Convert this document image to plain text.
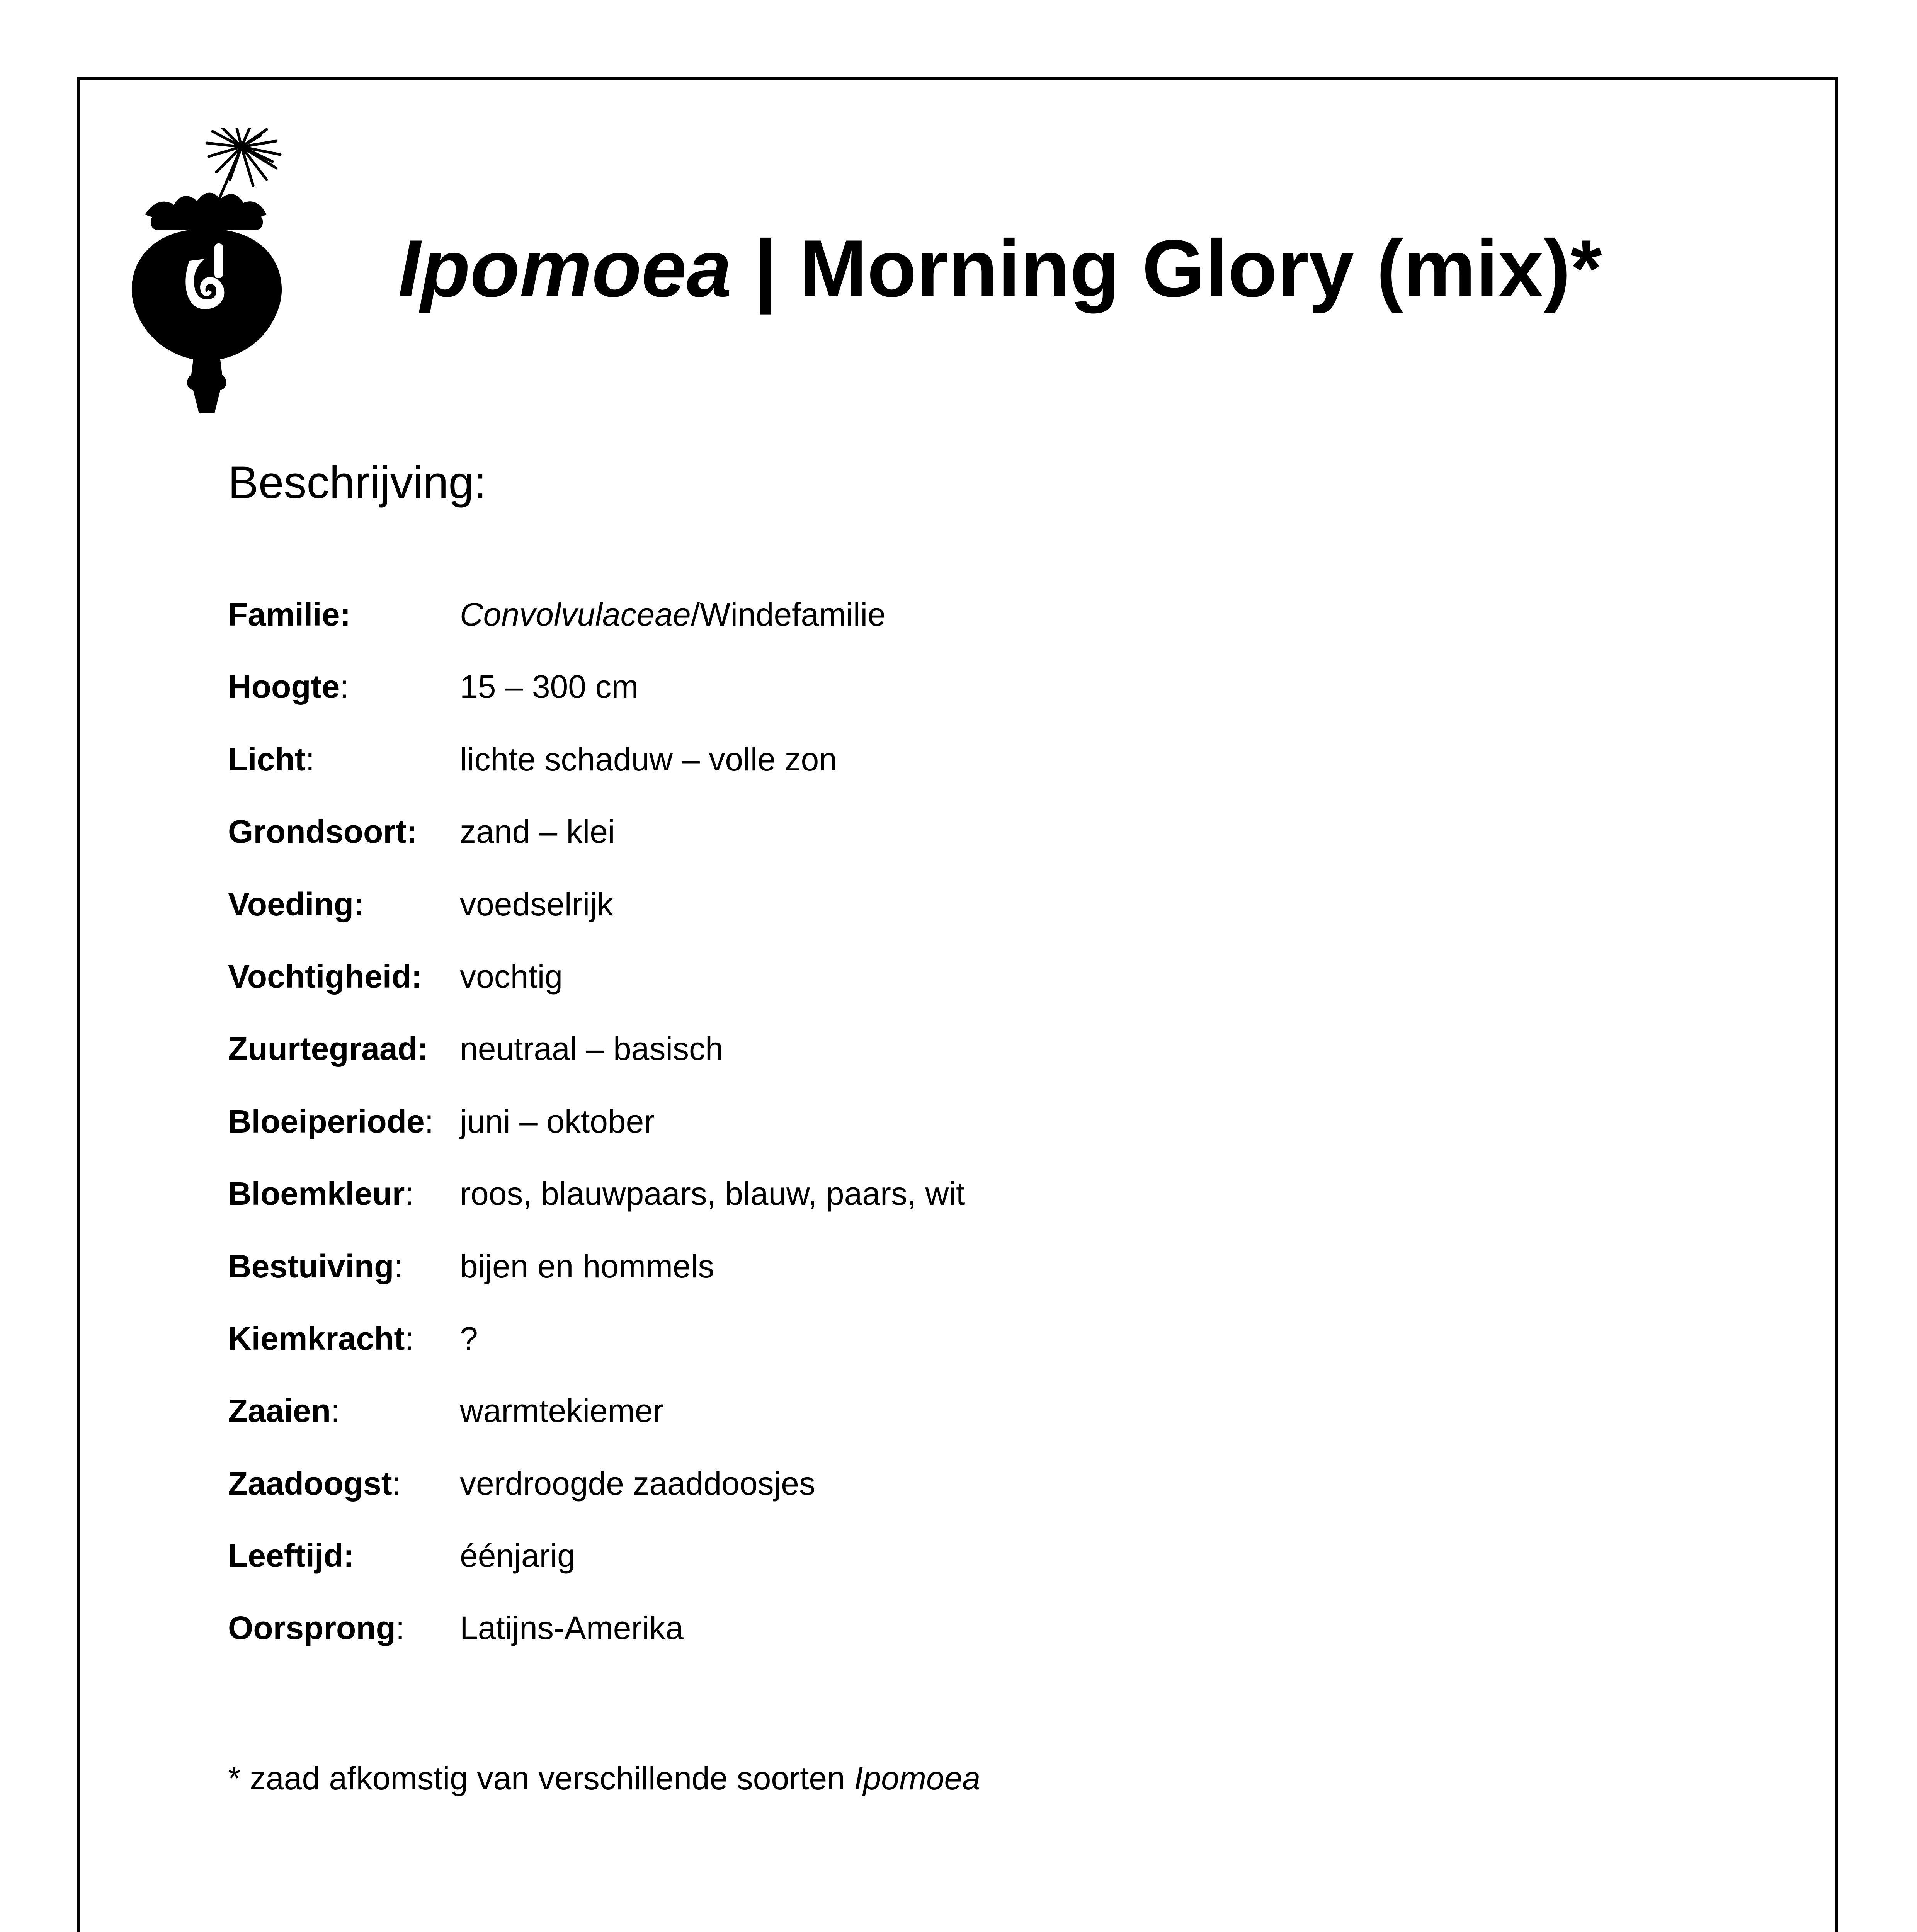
Ipomoea | Morning Glory (mix)*
Beschrijving:
Familie:	Convolvulaceae/Windefamilie
Hoogte:	15 – 300 cm
Licht:	lichte schaduw – volle zon
Grondsoort: zand – klei
Voeding:	voedselrijk
Vochtigheid: vochtig
Zuurtegraad: neutraal – basisch
Bloeiperiode: juni – oktober
Bloemkleur: roos, blauwpaars, blauw, paars, wit
Bestuiving: bijen en hommels
Kiemkracht: ?
Zaaien:	warmtekiemer
Zaadoogst: verdroogde zaaddoosjes
Leeftijd:	éénjarig
Oorsprong: Latijns-Amerika

* zaad afkomstig van verschillende soorten Ipomoea
